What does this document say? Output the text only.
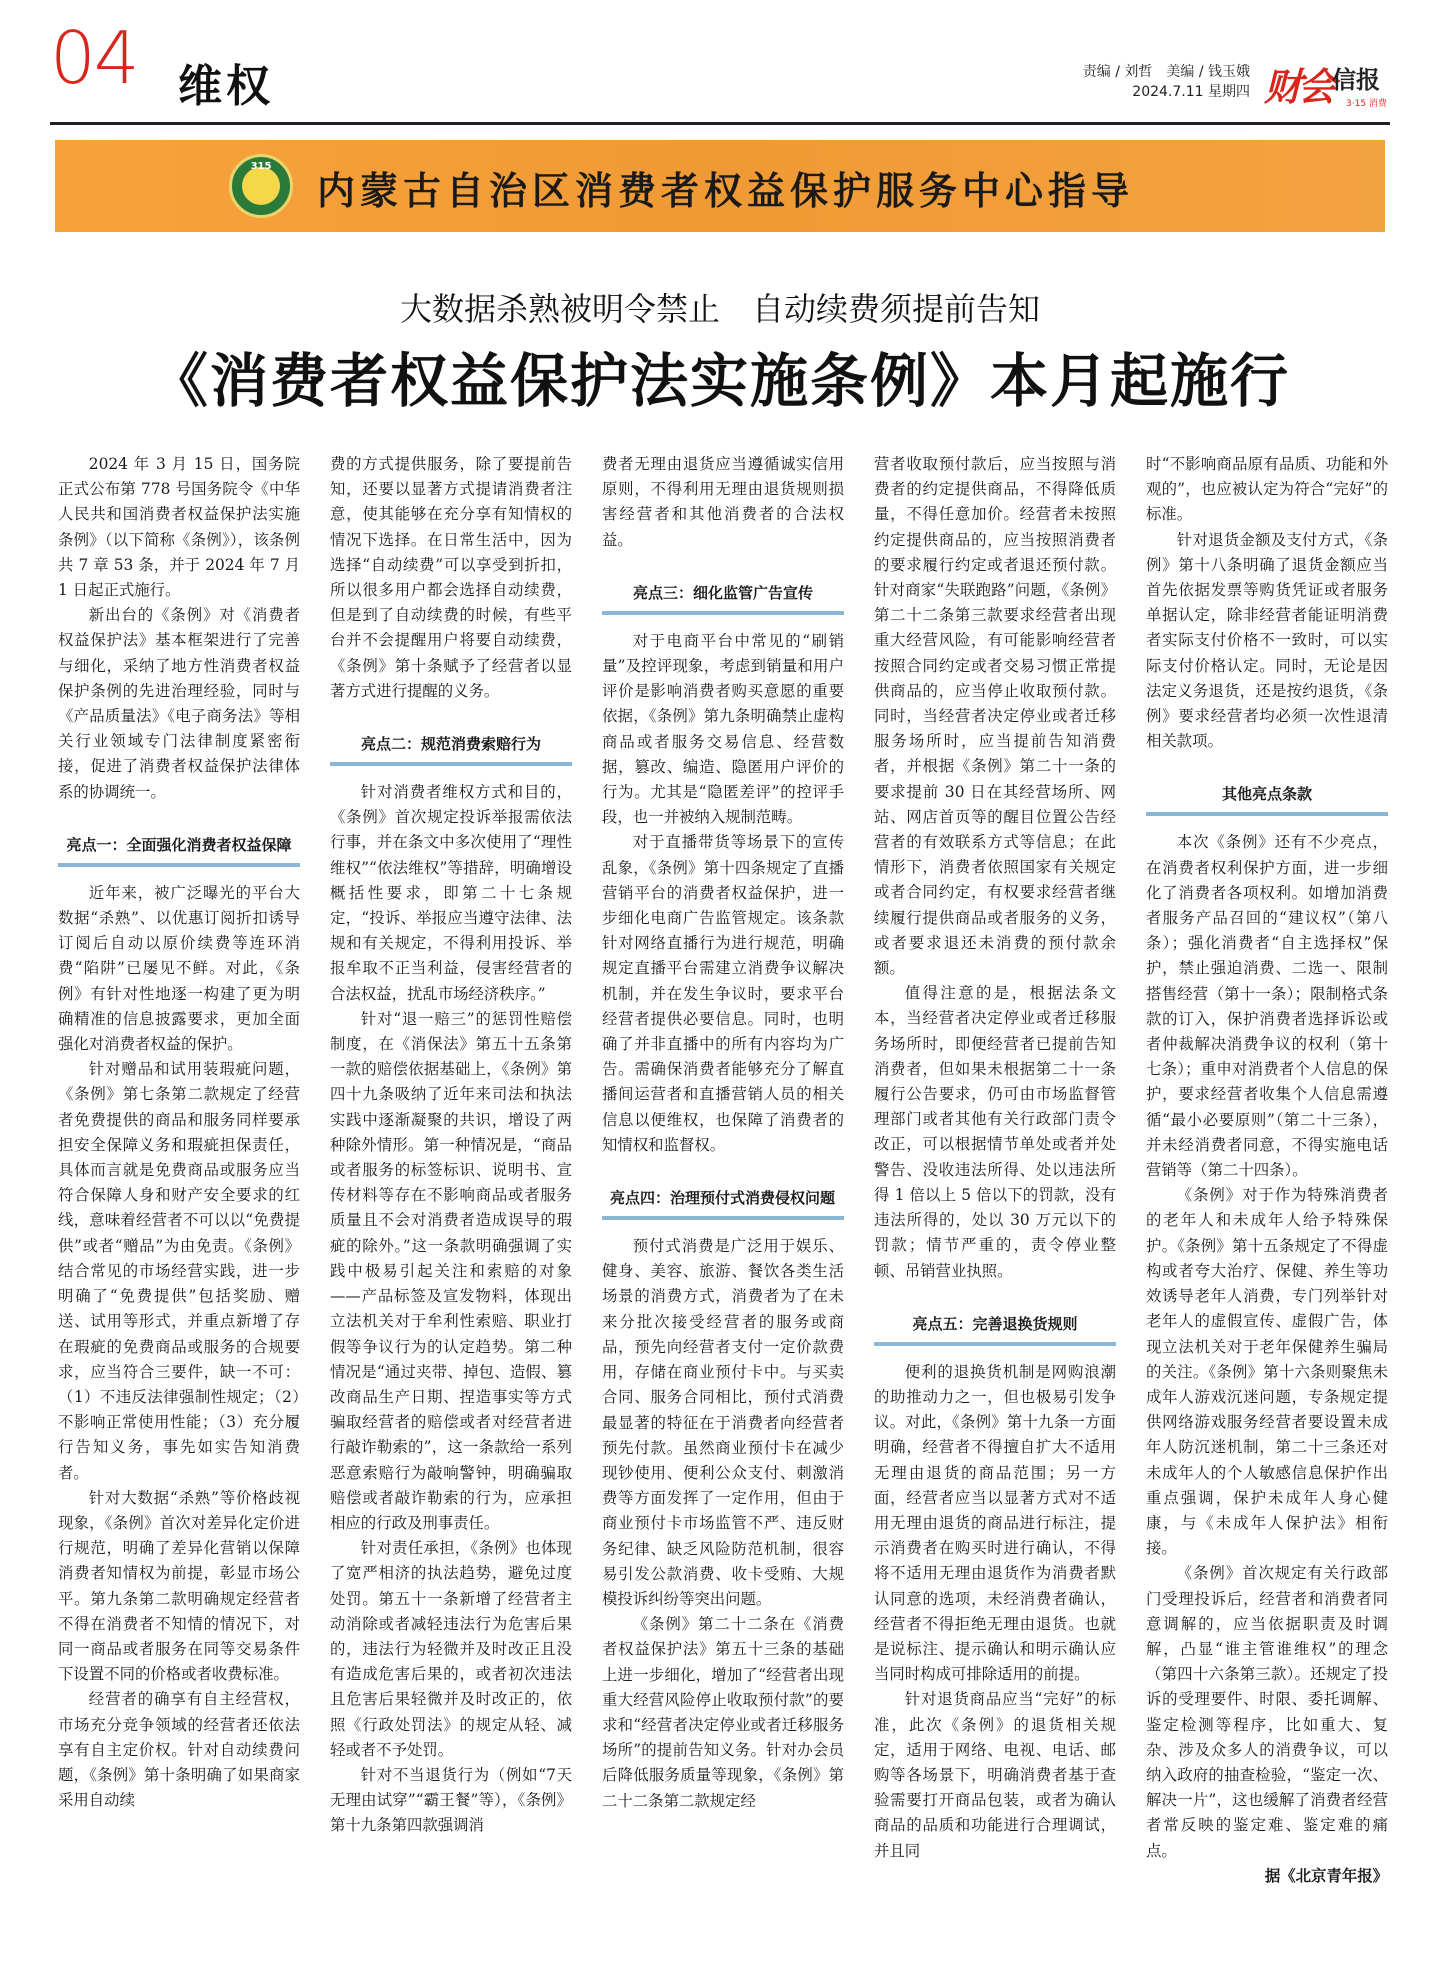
04 维权	责编 / 刘哲　美编 / 钱玉娥
2024.7.11 星期四 财会 信报
3·15 消费
315
内蒙古自治区消费者权益保护服务中心指导
大数据杀熟被明令禁止　自动续费须提前告知
《消费者权益保护法实施条例》本月起施行

2024 年 3 月 15 日，国务院正式公布第 778 号国务院令《中华人民共和国消费者权益保护法实施条例》（以下简称《条例》），该条例共 7 章 53 条，并于 2024 年 7 月 1 日起正式施行。

新出台的《条例》对《消费者权益保护法》基本框架进行了完善与细化，采纳了地方性消费者权益保护条例的先进治理经验，同时与《产品质量法》《电子商务法》等相关行业领域专门法律制度紧密衔接，促进了消费者权益保护法律体系的协调统一。

亮点一：全面强化消费者权益保障

近年来，被广泛曝光的平台大数据“杀熟”、以优惠订阅折扣诱导订阅后自动以原价续费等连环消费“陷阱”已屡见不鲜。对此，《条例》有针对性地逐一构建了更为明确精准的信息披露要求，更加全面强化对消费者权益的保护。

针对赠品和试用装瑕疵问题，《条例》第七条第二款规定了经营者免费提供的商品和服务同样要承担安全保障义务和瑕疵担保责任，具体而言就是免费商品或服务应当符合保障人身和财产安全要求的红线，意味着经营者不可以以“免费提供”或者“赠品”为由免责。《条例》结合常见的市场经营实践，进一步明确了“免费提供”包括奖励、赠送、试用等形式，并重点新增了存在瑕疵的免费商品或服务的合规要求，应当符合三要件，缺一不可：（1）不违反法律强制性规定；（2）不影响正常使用性能；（3）充分履行告知义务，事先如实告知消费者。

针对大数据“杀熟”等价格歧视现象，《条例》首次对差异化定价进行规范，明确了差异化营销以保障消费者知情权为前提，彰显市场公平。第九条第二款明确规定经营者不得在消费者不知情的情况下，对同一商品或者服务在同等交易条件下设置不同的价格或者收费标准。

经营者的确享有自主经营权，市场充分竞争领域的经营者还依法享有自主定价权。针对自动续费问题，《条例》第十条明确了如果商家采用自动续

费的方式提供服务，除了要提前告知，还要以显著方式提请消费者注意，使其能够在充分享有知情权的情况下选择。在日常生活中，因为选择“自动续费”可以享受到折扣，所以很多用户都会选择自动续费，但是到了自动续费的时候，有些平台并不会提醒用户将要自动续费，《条例》第十条赋予了经营者以显著方式进行提醒的义务。

亮点二：规范消费索赔行为

针对消费者维权方式和目的，《条例》首次规定投诉举报需依法行事，并在条文中多次使用了“理性维权”“依法维权”等措辞，明确增设概括性要求，即第二十七条规定，“投诉、举报应当遵守法律、法规和有关规定，不得利用投诉、举报牟取不正当利益，侵害经营者的合法权益，扰乱市场经济秩序。”

针对“退一赔三”的惩罚性赔偿制度，在《消保法》第五十五条第一款的赔偿依据基础上，《条例》第四十九条吸纳了近年来司法和执法实践中逐渐凝聚的共识，增设了两种除外情形。第一种情况是，“商品或者服务的标签标识、说明书、宣传材料等存在不影响商品或者服务质量且不会对消费者造成误导的瑕疵的除外。”这一条款明确强调了实践中极易引起关注和索赔的对象——产品标签及宣发物料，体现出立法机关对于牟利性索赔、职业打假等争议行为的认定趋势。第二种情况是“通过夹带、掉包、造假、篡改商品生产日期、捏造事实等方式骗取经营者的赔偿或者对经营者进行敲诈勒索的”，这一条款给一系列恶意索赔行为敲响警钟，明确骗取赔偿或者敲诈勒索的行为，应承担相应的行政及刑事责任。

针对责任承担，《条例》也体现了宽严相济的执法趋势，避免过度处罚。第五十一条新增了经营者主动消除或者减轻违法行为危害后果的，违法行为轻微并及时改正且没有造成危害后果的，或者初次违法且危害后果轻微并及时改正的，依照《行政处罚法》的规定从轻、减轻或者不予处罚。

针对不当退货行为（例如“7天无理由试穿”“霸王餐”等），《条例》第十九条第四款强调消

费者无理由退货应当遵循诚实信用原则，不得利用无理由退货规则损害经营者和其他消费者的合法权益。

亮点三：细化监管广告宣传

对于电商平台中常见的“刷销量”及控评现象，考虑到销量和用户评价是影响消费者购买意愿的重要依据，《条例》第九条明确禁止虚构商品或者服务交易信息、经营数据，篡改、编造、隐匿用户评价的行为。尤其是“隐匿差评”的控评手段，也一并被纳入规制范畴。

对于直播带货等场景下的宣传乱象，《条例》第十四条规定了直播营销平台的消费者权益保护，进一步细化电商广告监管规定。该条款针对网络直播行为进行规范，明确规定直播平台需建立消费争议解决机制，并在发生争议时，要求平台经营者提供必要信息。同时，也明确了并非直播中的所有内容均为广告。需确保消费者能够充分了解直播间运营者和直播营销人员的相关信息以便维权，也保障了消费者的知情权和监督权。

亮点四：治理预付式消费侵权问题

预付式消费是广泛用于娱乐、健身、美容、旅游、餐饮各类生活场景的消费方式，消费者为了在未来分批次接受经营者的服务或商品，预先向经营者支付一定价款费用，存储在商业预付卡中。与买卖合同、服务合同相比，预付式消费最显著的特征在于消费者向经营者预先付款。虽然商业预付卡在减少现钞使用、便利公众支付、刺激消费等方面发挥了一定作用，但由于商业预付卡市场监管不严、违反财务纪律、缺乏风险防范机制，很容易引发公款消费、收卡受贿、大规模投诉纠纷等突出问题。

《条例》第二十二条在《消费者权益保护法》第五十三条的基础上进一步细化，增加了“经营者出现重大经营风险停止收取预付款”的要求和“经营者决定停业或者迁移服务场所”的提前告知义务。针对办会员后降低服务质量等现象，《条例》第二十二条第二款规定经

营者收取预付款后，应当按照与消费者的约定提供商品，不得降低质量，不得任意加价。经营者未按照约定提供商品的，应当按照消费者的要求履行约定或者退还预付款。针对商家“失联跑路”问题，《条例》第二十二条第三款要求经营者出现重大经营风险，有可能影响经营者按照合同约定或者交易习惯正常提供商品的，应当停止收取预付款。同时，当经营者决定停业或者迁移服务场所时，应当提前告知消费者，并根据《条例》第二十一条的要求提前 30 日在其经营场所、网站、网店首页等的醒目位置公告经营者的有效联系方式等信息；在此情形下，消费者依照国家有关规定或者合同约定，有权要求经营者继续履行提供商品或者服务的义务，或者要求退还未消费的预付款余额。

值得注意的是，根据法条文本，当经营者决定停业或者迁移服务场所时，即便经营者已提前告知消费者，但如果未根据第二十一条履行公告要求，仍可由市场监督管理部门或者其他有关行政部门责令改正，可以根据情节单处或者并处警告、没收违法所得、处以违法所得 1 倍以上 5 倍以下的罚款，没有违法所得的，处以 30 万元以下的罚款；情节严重的，责令停业整顿、吊销营业执照。

亮点五：完善退换货规则

便利的退换货机制是网购浪潮的助推动力之一，但也极易引发争议。对此，《条例》第十九条一方面明确，经营者不得擅自扩大不适用无理由退货的商品范围；另一方面，经营者应当以显著方式对不适用无理由退货的商品进行标注，提示消费者在购买时进行确认，不得将不适用无理由退货作为消费者默认同意的选项，未经消费者确认，经营者不得拒绝无理由退货。也就是说标注、提示确认和明示确认应当同时构成可排除适用的前提。

针对退货商品应当“完好”的标准，此次《条例》的退货相关规定，适用于网络、电视、电话、邮购等各场景下，明确消费者基于查验需要打开商品包装，或者为确认商品的品质和功能进行合理调试，并且同

时“不影响商品原有品质、功能和外观的”，也应被认定为符合“完好”的标准。

针对退货金额及支付方式，《条例》第十八条明确了退货金额应当首先依据发票等购货凭证或者服务单据认定，除非经营者能证明消费者实际支付价格不一致时，可以实际支付价格认定。同时，无论是因法定义务退货，还是按约退货，《条例》要求经营者均必须一次性退清相关款项。

其他亮点条款

本次《条例》还有不少亮点，在消费者权利保护方面，进一步细化了消费者各项权利。如增加消费者服务产品召回的“建议权”（第八条）；强化消费者“自主选择权”保护，禁止强迫消费、二选一、限制搭售经营（第十一条）；限制格式条款的订入，保护消费者选择诉讼或者仲裁解决消费争议的权利（第十七条）；重申对消费者个人信息的保护，要求经营者收集个人信息需遵循“最小必要原则”（第二十三条），并未经消费者同意，不得实施电话营销等（第二十四条）。

《条例》对于作为特殊消费者的老年人和未成年人给予特殊保护。《条例》第十五条规定了不得虚构或者夸大治疗、保健、养生等功效诱导老年人消费，专门列举针对老年人的虚假宣传、虚假广告，体现立法机关对于老年保健养生骗局的关注。《条例》第十六条则聚焦未成年人游戏沉迷问题，专条规定提供网络游戏服务经营者要设置未成年人防沉迷机制，第二十三条还对未成年人的个人敏感信息保护作出重点强调，保护未成年人身心健康，与《未成年人保护法》相衔接。

《条例》首次规定有关行政部门受理投诉后，经营者和消费者同意调解的，应当依据职责及时调解，凸显“谁主管谁维权”的理念（第四十六条第三款）。还规定了投诉的受理要件、时限、委托调解、鉴定检测等程序，比如重大、复杂、涉及众多人的消费争议，可以纳入政府的抽查检验，“鉴定一次、解决一片”，这也缓解了消费者经营者常反映的鉴定难、鉴定难的痛点。

据《北京青年报》
